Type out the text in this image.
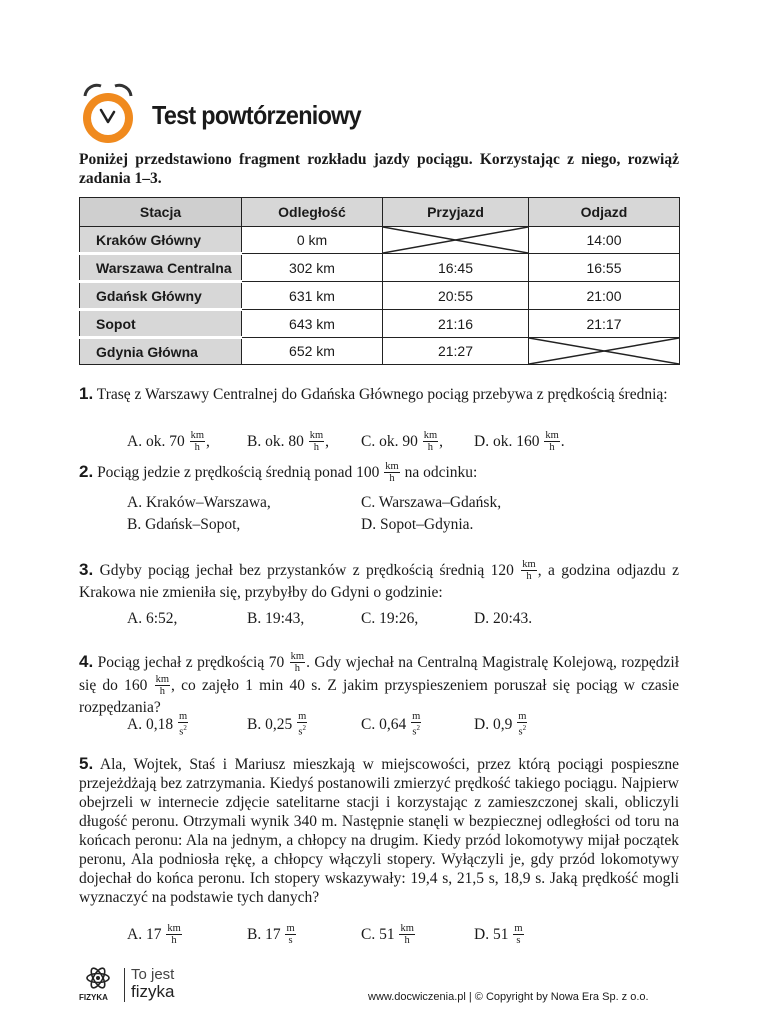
Test powtórzeniowy
Poniżej przedstawiono fragment rozkładu jazdy pociągu. Korzystając z niego, rozwiąż zadania 1–3.
Stacja	Odległość	Przyjazd	Odjazd
Kraków Główny	0 km		14:00
Warszawa Centralna	302 km	16:45	16:55
Gdańsk Główny	631 km	20:55	21:00
Sopot	643 km	21:16	21:17
Gdynia Główna	652 km	21:27	
1. Trasę z Warszawy Centralnej do Gdańska Głównego pociąg przebywa z prędkością średnią:
A. ok. $70 \frac{km}{h}$ , B. ok. $80 \frac{km}{h}$ , C. ok. $90 \frac{km}{h}$ , D. ok. $160 \frac{km}{h}$ .
2. Pociąg jedzie z prędkością średnią ponad $100 \frac{km}{h}$ na odcinku:
A. Kraków–Warszawa,	C. Warszawa–Gdańsk,
B. Gdańsk–Sopot,	D. Sopot–Gdynia.
3. Gdyby pociąg jechał bez przystanków z prędkością średnią $120 \frac{km}{h}$ , a godzina odjazdu z Krakowa nie zmieniła się, przybyłby do Gdyni o godzinie:
A. 6:52,	B. 19:43,	C. 19:26,	D. 20:43.
4. Pociąg jechał z prędkością $70 \frac{km}{h}$ . Gdy wjechał na Centralną Magistralę Kolejową, rozpędził się do $160 \frac{km}{h}$ , co zajęło 1 min 40 s. Z jakim przyspieszeniem poruszał się pociąg w czasie rozpędzania?
A. $0,18 \frac{m}{s^2}$	B. $0,25 \frac{m}{s^2}$	C. $0,64 \frac{m}{s^2}$	D. $0,9 \frac{m}{s^2}$
5. Ala, Wojtek, Staś i Mariusz mieszkają w miejscowości, przez którą pociągi pospieszne przejeżdżają bez zatrzymania. Kiedyś postanowili zmierzyć prędkość takiego pociągu. Najpierw obejrzeli w internecie zdjęcie satelitarne stacji i korzystając z zamieszczonej skali, obliczyli długość peronu. Otrzymali wynik 340 m. Następnie stanęli w bezpiecznej odległości od toru na końcach peronu: Ala na jednym, a chłopcy na drugim. Kiedy przód lokomotywy mijał początek peronu, Ala podniosła rękę, a chłopcy włączyli stopery. Wyłączyli je, gdy przód lokomotywy dojechał do końca peronu. Ich stopery wskazywały: 19,4 s, 21,5 s, 18,9 s. Jaką prędkość mogli wyznaczyć na podstawie tych danych?
A. $17 \frac{km}{h}$	B. $17 \frac{m}{s}$	C. $51 \frac{km}{h}$	D. $51 \frac{m}{s}$
FIZYKA
To jest
fizyka	www.docwiczenia.pl | © Copyright by Nowa Era Sp. z o.o.
